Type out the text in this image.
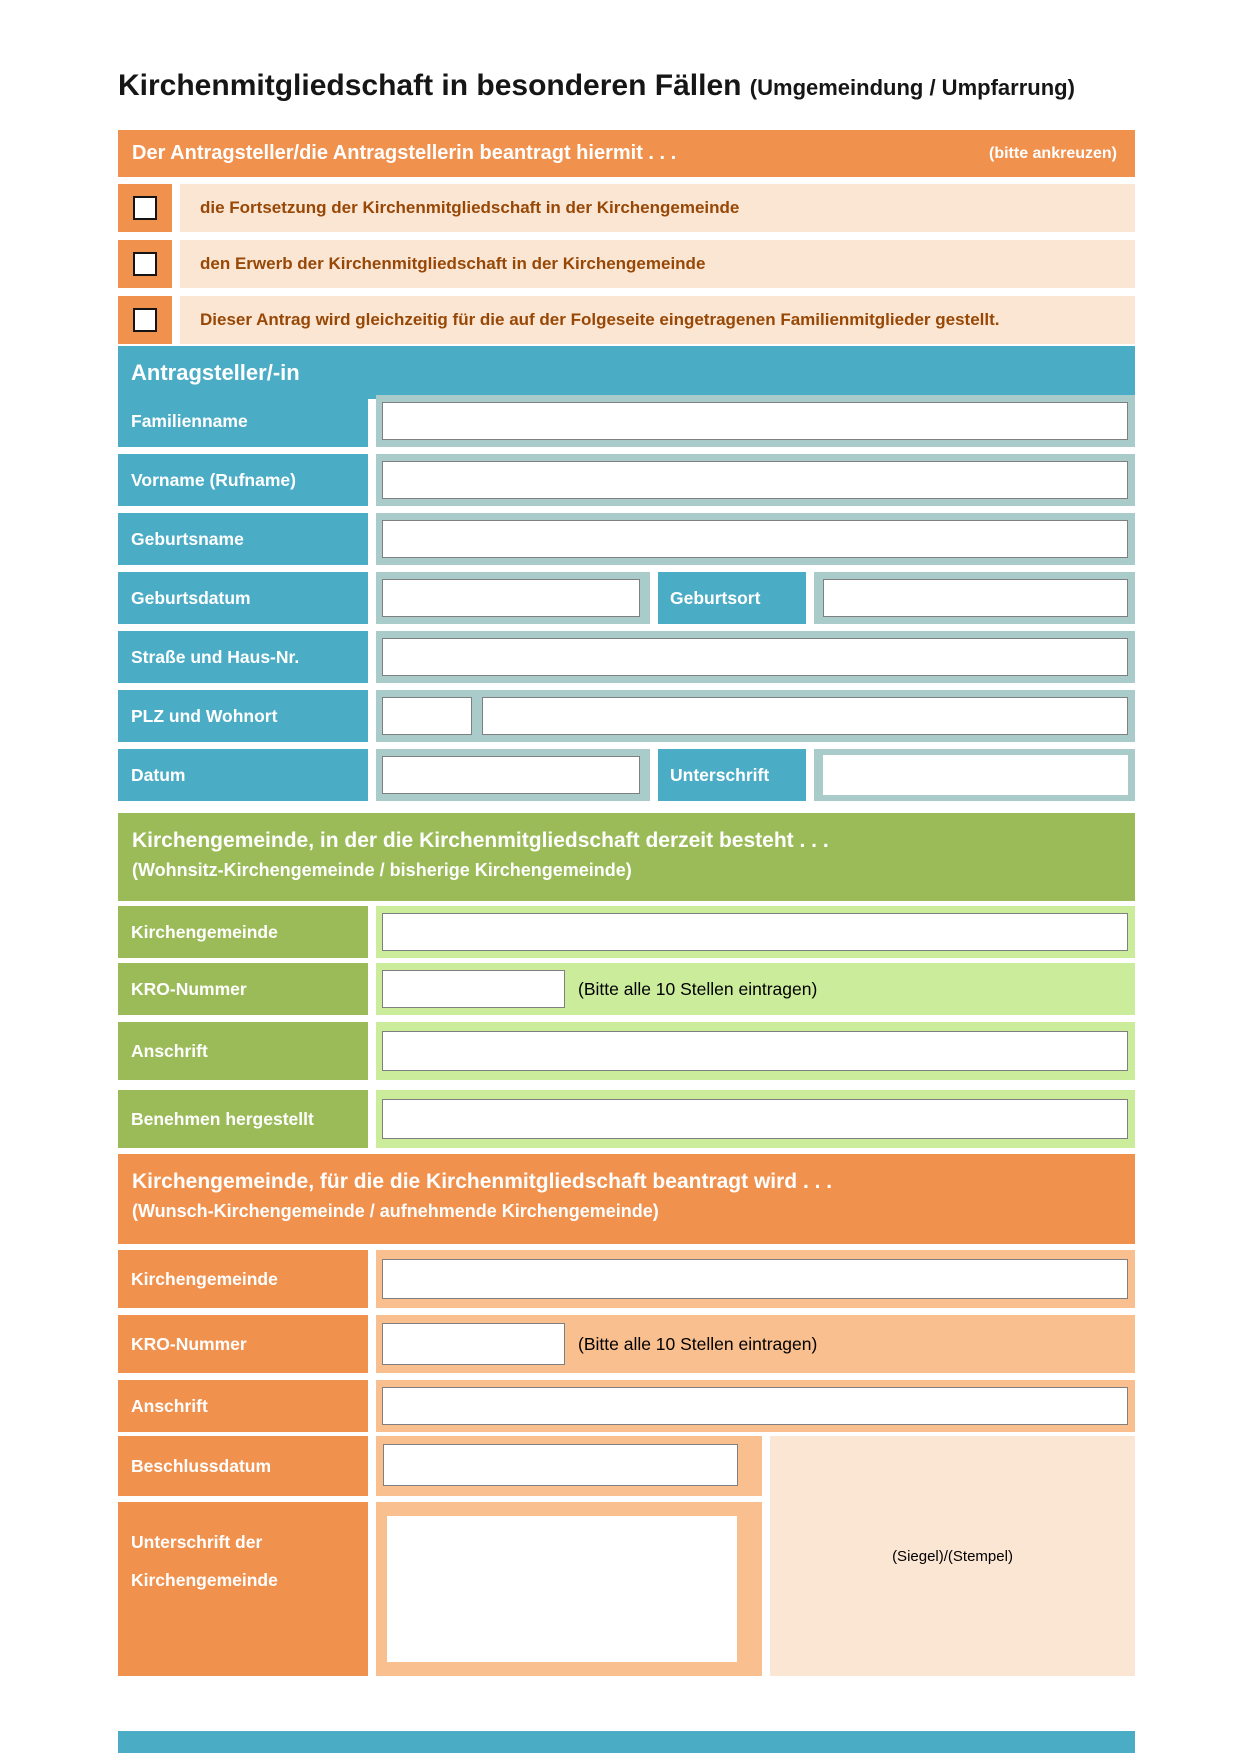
Kirchenmitgliedschaft in besonderen Fällen (Umgemeindung / Umpfarrung)
Der Antragsteller/die Antragstellerin beantragt hiermit . . .	(bitte ankreuzen)
die Fortsetzung der Kirchenmitgliedschaft in der Kirchengemeinde
den Erwerb der Kirchenmitgliedschaft in der Kirchengemeinde
Dieser Antrag wird gleichzeitig für die auf der Folgeseite eingetragenen Familienmitglieder gestellt.
Antragsteller/-in
Familienname
Vorname (Rufname)
Geburtsname
Geburtsdatum	Geburtsort
Straße und Haus-Nr.
PLZ und Wohnort
Datum	Unterschrift
Kirchengemeinde, in der die Kirchenmitgliedschaft derzeit besteht . . .
(Wohnsitz-Kirchengemeinde / bisherige Kirchengemeinde)
Kirchengemeinde
KRO-Nummer	(Bitte alle 10 Stellen eintragen)
Anschrift
Benehmen hergestellt
Kirchengemeinde, für die die Kirchenmitgliedschaft beantragt wird . . .
(Wunsch-Kirchengemeinde / aufnehmende Kirchengemeinde)
Kirchengemeinde
KRO-Nummer	(Bitte alle 10 Stellen eintragen)
Anschrift
Beschlussdatum
Unterschrift der
Kirchengemeinde
(Siegel)/(Stempel)
